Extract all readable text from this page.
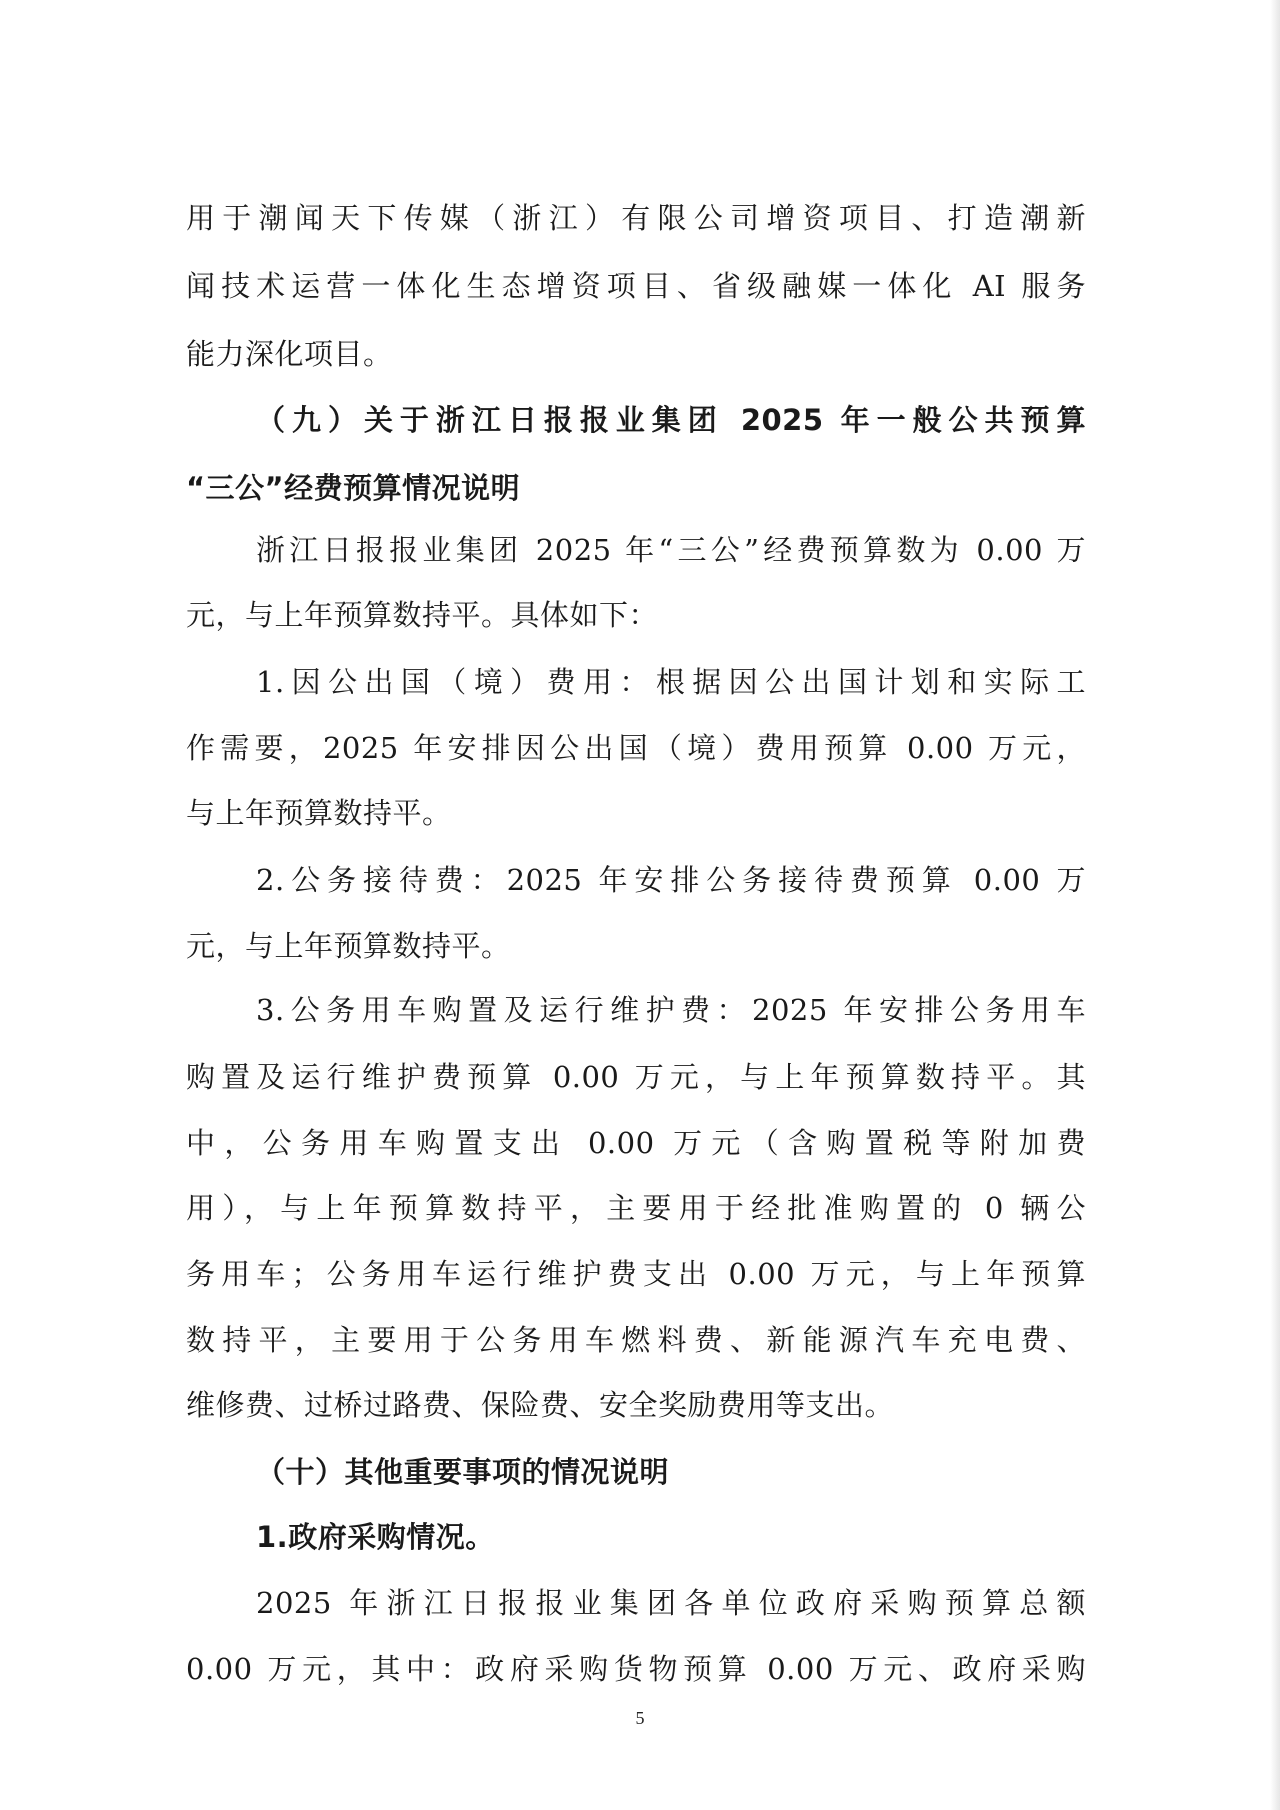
用于潮闻天下传媒（浙江）有限公司增资项目、打造潮新
闻技术运营一体化生态增资项目、省级融媒一体化 AI 服务
能力深化项目。
（九）关于浙江日报报业集团 2025 年一般公共预算
“三公”经费预算情况说明
浙江日报报业集团 2025 年“三公”经费预算数为 0.00 万
元，与上年预算数持平。具体如下：
1.因公出国（境）费用：根据因公出国计划和实际工
作需要，2025 年安排因公出国（境）费用预算 0.00 万元，
与上年预算数持平。
2.公务接待费：2025 年安排公务接待费预算 0.00 万
元，与上年预算数持平。
3.公务用车购置及运行维护费：2025 年安排公务用车
购置及运行维护费预算 0.00 万元，与上年预算数持平。其
中，公务用车购置支出 0.00 万元（含购置税等附加费
用），与上年预算数持平，主要用于经批准购置的 0 辆公
务用车；公务用车运行维护费支出 0.00 万元，与上年预算
数持平，主要用于公务用车燃料费、新能源汽车充电费、
维修费、过桥过路费、保险费、安全奖励费用等支出。
（十）其他重要事项的情况说明
1.政府采购情况。
2025 年浙江日报报业集团各单位政府采购预算总额
0.00 万元，其中：政府采购货物预算 0.00 万元、政府采购
5
